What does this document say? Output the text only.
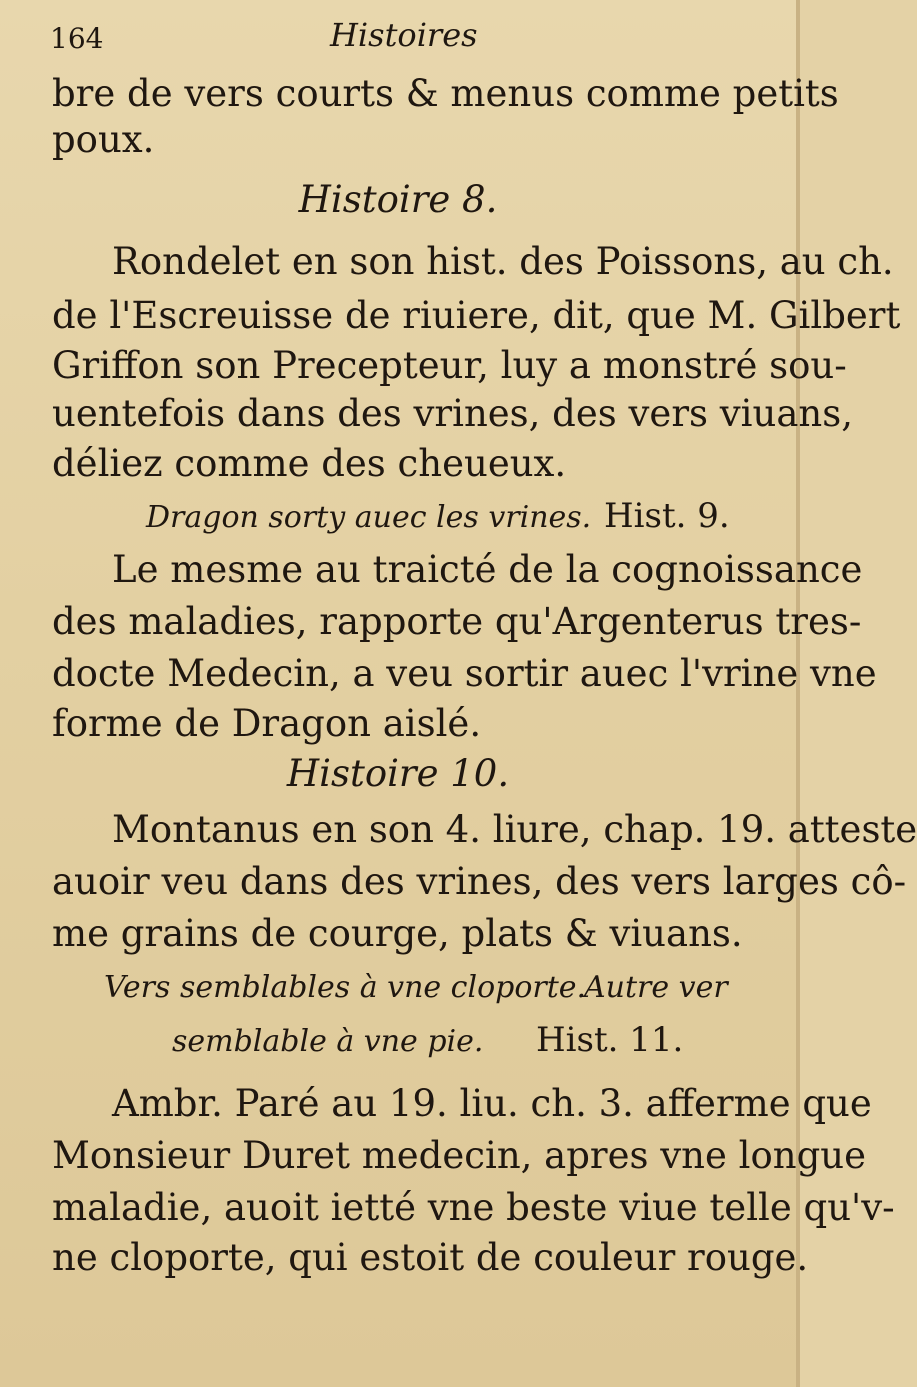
164	Histoires
bre de vers courts & menus comme petits
poux.
Histoire 8.
Rondelet en son hist. des Poissons, au ch.
de l'Escreuisse de riuiere, dit, que M. Gilbert
Griffon son Precepteur, luy a monstré sou-
uentefois dans des vrines, des vers viuans,
déliez comme des cheueux.
Dragon sorty auec les vrines. Hist. 9.
Le mesme au traicté de la cognoissance
des maladies, rapporte qu'Argenterus tres-
docte Medecin, a veu sortir auec l'vrine vne
forme de Dragon aislé.
Histoire 10.
Montanus en son 4. liure, chap. 19. atteste
auoir veu dans des vrines, des vers larges cô-
me grains de courge, plats & viuans.
Vers semblables à vne cloporte.
Autre ver
semblable à vne pie. Hist. 11.
Ambr. Paré au 19. liu. ch. 3. afferme que
Monsieur Duret medecin, apres vne longue
maladie, auoit ietté vne beste viue telle qu'v-
ne cloporte, qui estoit de couleur rouge.
